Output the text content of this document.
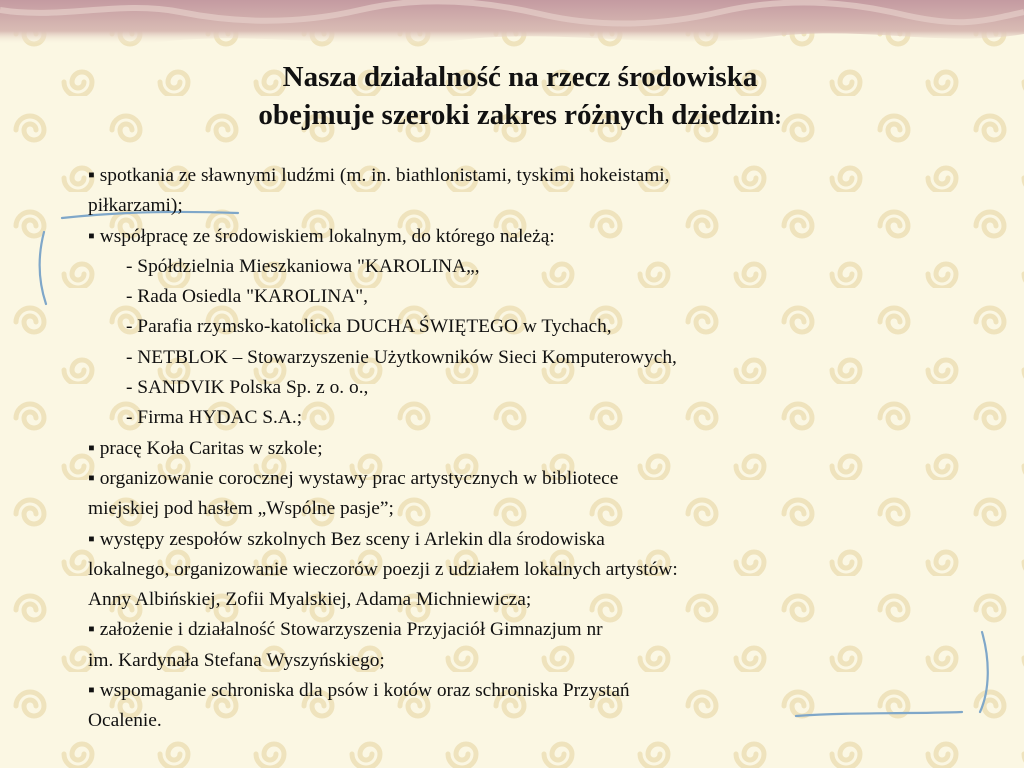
Nasza działalność na rzecz środowiska
obejmuje szeroki zakres różnych dziedzin:
▪ spotkania ze sławnymi ludźmi (m. in. biathlonistami, tyskimi hokeistami,
piłkarzami);
▪ współpracę ze środowiskiem lokalnym, do którego należą:
- Spółdzielnia Mieszkaniowa "KAROLINA„,
- Rada Osiedla "KAROLINA",
- Parafia rzymsko-katolicka DUCHA ŚWIĘTEGO w Tychach,
- NETBLOK – Stowarzyszenie Użytkowników Sieci Komputerowych,
- SANDVIK Polska Sp. z o. o.,
- Firma HYDAC S.A.;
▪ pracę Koła Caritas w szkole;
▪ organizowanie corocznej wystawy prac artystycznych w bibliotece
miejskiej pod hasłem „Wspólne pasje”;
▪ występy zespołów szkolnych Bez sceny i Arlekin dla środowiska
lokalnego, organizowanie wieczorów poezji z udziałem lokalnych artystów:
Anny Albińskiej, Zofii Myalskiej, Adama Michniewicza;
▪ założenie i działalność Stowarzyszenia Przyjaciół Gimnazjum nr
im. Kardynała Stefana Wyszyńskiego;
▪ wspomaganie schroniska dla psów i kotów oraz schroniska Przystań
Ocalenie.
